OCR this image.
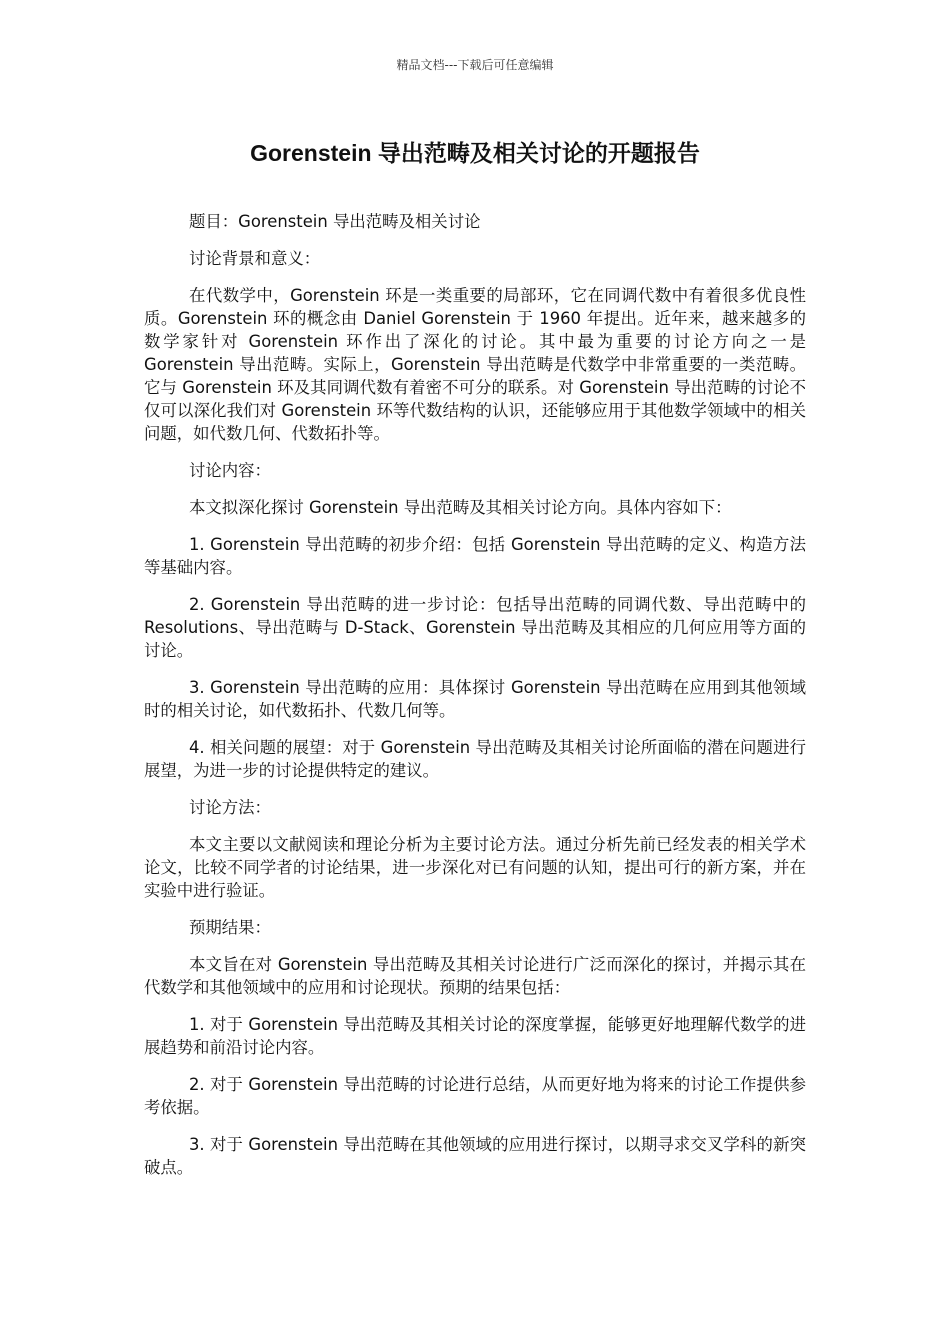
精品文档---下载后可任意编辑
Gorenstein 导出范畴及相关讨论的开题报告

题目：Gorenstein 导出范畴及相关讨论

讨论背景和意义：

在代数学中，Gorenstein 环是一类重要的局部环，它在同调代数中有着很多优良性质。Gorenstein 环的概念由 Daniel Gorenstein 于 1960 年提出。近年来，越来越多的数学家针对 Gorenstein 环作出了深化的讨论。其中最为重要的讨论方向之一是 Gorenstein 导出范畴。实际上，Gorenstein 导出范畴是代数学中非常重要的一类范畴。它与 Gorenstein 环及其同调代数有着密不可分的联系。对 Gorenstein 导出范畴的讨论不仅可以深化我们对 Gorenstein 环等代数结构的认识，还能够应用于其他数学领域中的相关问题，如代数几何、代数拓扑等。

讨论内容：

本文拟深化探讨 Gorenstein 导出范畴及其相关讨论方向。具体内容如下：

1. Gorenstein 导出范畴的初步介绍：包括 Gorenstein 导出范畴的定义、构造方法等基础内容。

2. Gorenstein 导出范畴的进一步讨论：包括导出范畴的同调代数、导出范畴中的 Resolutions、导出范畴与 D-Stack、Gorenstein 导出范畴及其相应的几何应用等方面的讨论。

3. Gorenstein 导出范畴的应用：具体探讨 Gorenstein 导出范畴在应用到其他领域时的相关讨论，如代数拓扑、代数几何等。

4. 相关问题的展望：对于 Gorenstein 导出范畴及其相关讨论所面临的潜在问题进行展望，为进一步的讨论提供特定的建议。

讨论方法：

本文主要以文献阅读和理论分析为主要讨论方法。通过分析先前已经发表的相关学术论文，比较不同学者的讨论结果，进一步深化对已有问题的认知，提出可行的新方案，并在实验中进行验证。

预期结果：

本文旨在对 Gorenstein 导出范畴及其相关讨论进行广泛而深化的探讨，并揭示其在代数学和其他领域中的应用和讨论现状。预期的结果包括：

1. 对于 Gorenstein 导出范畴及其相关讨论的深度掌握，能够更好地理解代数学的进展趋势和前沿讨论内容。

2. 对于 Gorenstein 导出范畴的讨论进行总结，从而更好地为将来的讨论工作提供参考依据。

3. 对于 Gorenstein 导出范畴在其他领域的应用进行探讨，以期寻求交叉学科的新突破点。
